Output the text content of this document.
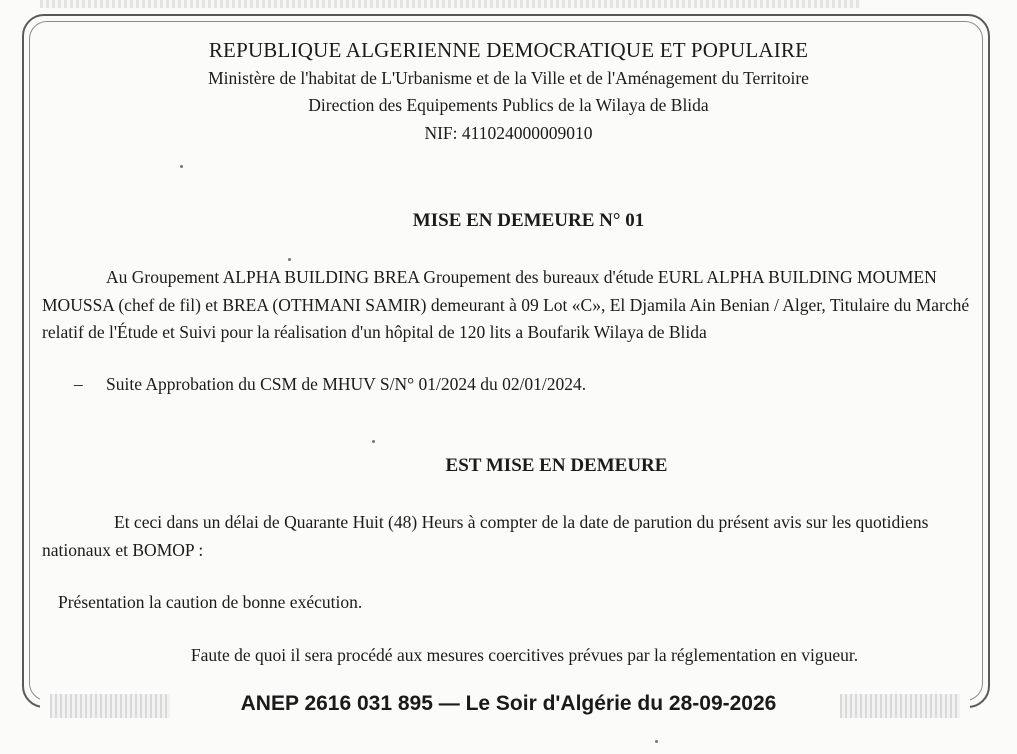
REPUBLIQUE ALGERIENNE DEMOCRATIQUE ET POPULAIRE
Ministère de l'habitat de L'Urbanisme et de la Ville et de l'Aménagement du Territoire
Direction des Equipements Publics de la Wilaya de Blida
NIF: 411024000009010
MISE EN DEMEURE N° 01
Au Groupement ALPHA BUILDING BREA Groupement des bureaux d'étude EURL ALPHA BUILDING MOUMEN MOUSSA (chef de fil) et BREA (OTHMANI SAMIR) demeurant à 09 Lot «C», El Djamila Ain Benian / Alger, Titulaire du Marché relatif de l'Étude et Suivi pour la réalisation d'un hôpital de 120 lits a Boufarik Wilaya de Blida
– Suite Approbation du CSM de MHUV S/N° 01/2024 du 02/01/2024.
EST MISE EN DEMEURE
Et ceci dans un délai de Quarante Huit (48) Heurs à compter de la date de parution du présent avis sur les quotidiens nationaux et BOMOP :
Présentation la caution de bonne exécution.
Faute de quoi il sera procédé aux mesures coercitives prévues par la réglementation en vigueur.
ANEP 2616 031 895 — Le Soir d'Algérie du 28-09-2026
